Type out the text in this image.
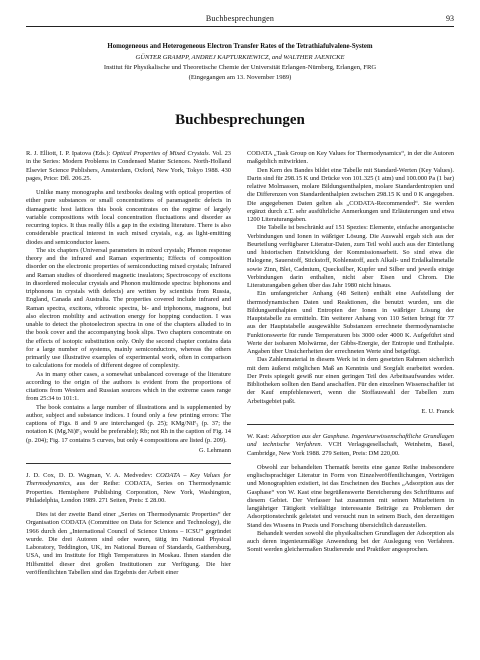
Buchbesprechungen	93

Homogeneous and Heterogeneous Electron Transfer Rates of the Tetrathiafulvalene-System

GÜNTER GRAMPP, ANDREJ KAPTURKIEWICZ, and WALTHER JAENICKE

Institut für Physikalische und Theoretische Chemie der Universität Erlangen-Nürnberg, Erlangen, FRG

(Eingegangen am 13. November 1989)

Buchbesprechungen

R. J. Elliott, I. P. Ipatova (Eds.): Optical Properties of Mixed Crystals. Vol. 23 in the Series: Modern Problems in Condensed Matter Sciences. North-Holland Elsevier Science Publishers, Amsterdam, Oxford, New York, Tokyo 1988. 430 pages, Price: Dfl. 206.25.

Unlike many monographs and textbooks dealing with optical properties of either pure substances or small concentrations of paramagnetic defects in diamagnetic host lattices this book concentrates on the regime of largely variable compositions with local concentration fluctuations and disorder as recurring topics. It thus really fills a gap in the existing literature. There is also considerable practical interest in such mixed crystals, e.g. as light-emitting diodes and semiconductor lasers.

The six chapters (Universal parameters in mixed crystals; Phonon response theory and the infrared and Raman experiments; Effects of composition disorder on the electronic properties of semiconducting mixed crystals; Infrared and Raman studies of disordered magnetic insulators; Spectroscopy of excitons in disordered molecular crystals and Phonon multimode spectra: biphonons and triphonons in crystals with defects) are written by scientists from Russia, England, Canada and Australia. The properties covered include infrared and Raman spectra, excitons, vibronic spectra, bi- and triphonons, magnons, but also electron mobility and activation energy for hopping conduction. I was unable to detect the photoelectron spectra in one of the chapters alluded to in the book cover and the accompanying book slips. Two chapters concentrate on the effects of isotopic substitution only. Only the second chapter contains data for a large number of systems, mainly semiconductors, whereas the others primarily use illustrative examples of experimental work, often in comparison to calculations for models of different degree of complexity.

As in many other cases, a somewhat unbalanced coverage of the literature according to the origin of the authors is evident from the proportions of citations from Western and Russian sources which in the extreme cases range from 25:34 to 101:1.

The book contains a large number of illustrations and is supplemented by author, subject and substance indices. I found only a few printing errors: The captions of Figs. 8 and 9 are interchanged (p. 25); KMg/NiF₃ (p. 37; the notation K (Mg,Ni)F₃ would be preferable); Rb; not Rh in the caption of Fig. 14 (p. 204); Fig. 17 contains 5 curves, but only 4 compositions are listed (p. 209).

G. Lehmann

J. D. Cox, D. D. Wagman, V. A. Medvedev: CODATA – Key Values for Thermodynamics, aus der Reihe: CODATA, Series on Thermodynamic Properties. Hemisphere Publishing Corporation, New York, Washington, Philadelphia, London 1989. 271 Seiten, Preis: £ 28.00.

Dies ist der zweite Band einer „Series on Thermodynamic Properties“ der Organisation CODATA (Committee on Data for Science and Technology), die 1966 durch den „International Council of Science Unions – ICSU“ gegründet wurde. Die drei Autoren sind oder waren, tätig im National Physical Laboratory, Teddington, UK, im National Bureau of Standards, Gaithersburg, USA, und im Institute for High Temperatures in Moskau. Ihnen standen die Hilfsmittel dieser drei großen Institutionen zur Verfügung. Die hier veröffentlichten Tabellen sind das Ergebnis der Arbeit einer

CODATA „Task Group on Key Values for Thermodynamics“, in der die Autoren maßgeblich mitwirkten.

Den Kern des Bandes bildet eine Tabelle mit Standard-Werten (Key Values). Darin sind für 298.15 K und Drücke von 101.325 (1 atm) und 100.000 Pa (1 bar) relative Molmassen, molare Bildungsenthalpien, molare Standardentropien und die Differenzen von Standardenthalpien zwischen 298.15 K und 0 K angegeben. Die angegebenen Daten gelten als „CODATA-Recommended“. Sie werden ergänzt durch z.T. sehr ausführliche Anmerkungen und Erläuterungen und etwa 1200 Literaturangaben.

Die Tabelle ist beschränkt auf 151 Spezies: Elemente, einfache anorganische Verbindungen und Ionen in wäßriger Lösung. Die Auswahl ergab sich aus der Beurteilung verfügbarer Literatur-Daten, zum Teil wohl auch aus der Einteilung und historischen Entwicklung der Kommissionsarbeit. So sind etwa die Halogene, Sauerstoff, Stickstoff, Kohlenstoff, auch Alkali- und Erdalkalimetalle sowie Zinn, Blei, Cadmium, Quecksilber, Kupfer und Silber und jeweils einige Verbindungen darin enthalten, nicht aber Eisen und Chrom. Die Literaturangaben gehen über das Jahr 1980 nicht hinaus.

Ein umfangreicher Anhang (48 Seiten) enthält eine Aufstellung der thermodynamischen Daten und Reaktionen, die benutzt wurden, um die Bildungsenthalpien und Entropien der Ionen in wäßriger Lösung der Hauptstabelle zu ermitteln. Ein weiterer Anhang von 110 Seiten bringt für 77 aus der Hauptstabelle ausgewählte Substanzen errechnete thermodynamische Funktionswerte für runde Temperaturen bis 3000 oder 4000 K. Aufgeführt sind Werte der isobaren Molwärme, der Gibbs-Energie, der Entropie und Enthalpie. Angaben über Unsicherheiten der errechneten Werte sind beigefügt.

Das Zahlenmaterial in diesem Werk ist in dem gesetzten Rahmen sicherlich mit dem äußerst möglichen Maß an Kenntnis und Sorgfalt erarbeitet worden. Der Preis spiegelt gewiß nur einen geringen Teil des Arbeitsaufwandes wider. Bibliotheken sollten den Band anschaffen. Für den einzelnen Wissenschaftler ist der Kauf empfehlenswert, wenn die Stoffauswahl der Tabellen zum Arbeitsgebiet paßt.

E. U. Franck

W. Kast: Adsorption aus der Gasphase. Ingenieurwissenschaftliche Grundlagen und technische Verfahren. VCH Verlagsgesellschaft, Weinheim, Basel, Cambridge, New York 1988. 279 Seiten, Preis: DM 220,00.

Obwohl zur behandelten Thematik bereits eine ganze Reihe insbesondere englischsprachiger Literatur in Form von Einzelveröffentlichungen, Vorträgen und Monographien existiert, ist das Erscheinen des Buches „Adsorption aus der Gasphase“ von W. Kast eine begrüßenswerte Bereicherung des Schrifttums auf diesem Gebiet. Der Verfasser hat zusammen mit seinen Mitarbeitern in langjähriger Tätigkeit vielfältige interessante Beiträge zu Problemen der Adsorptionstechnik geleistet und versucht nun in seinem Buch, den derzeitigen Stand des Wissens in Praxis und Forschung übersichtlich darzustellen.

Behandelt werden sowohl die physikalischen Grundlagen der Adsorption als auch deren ingenieurmäßige Anwendung bei der Auslegung von Verfahren. Somit werden gleichermaßen Studierende und Praktiker angesprochen.
